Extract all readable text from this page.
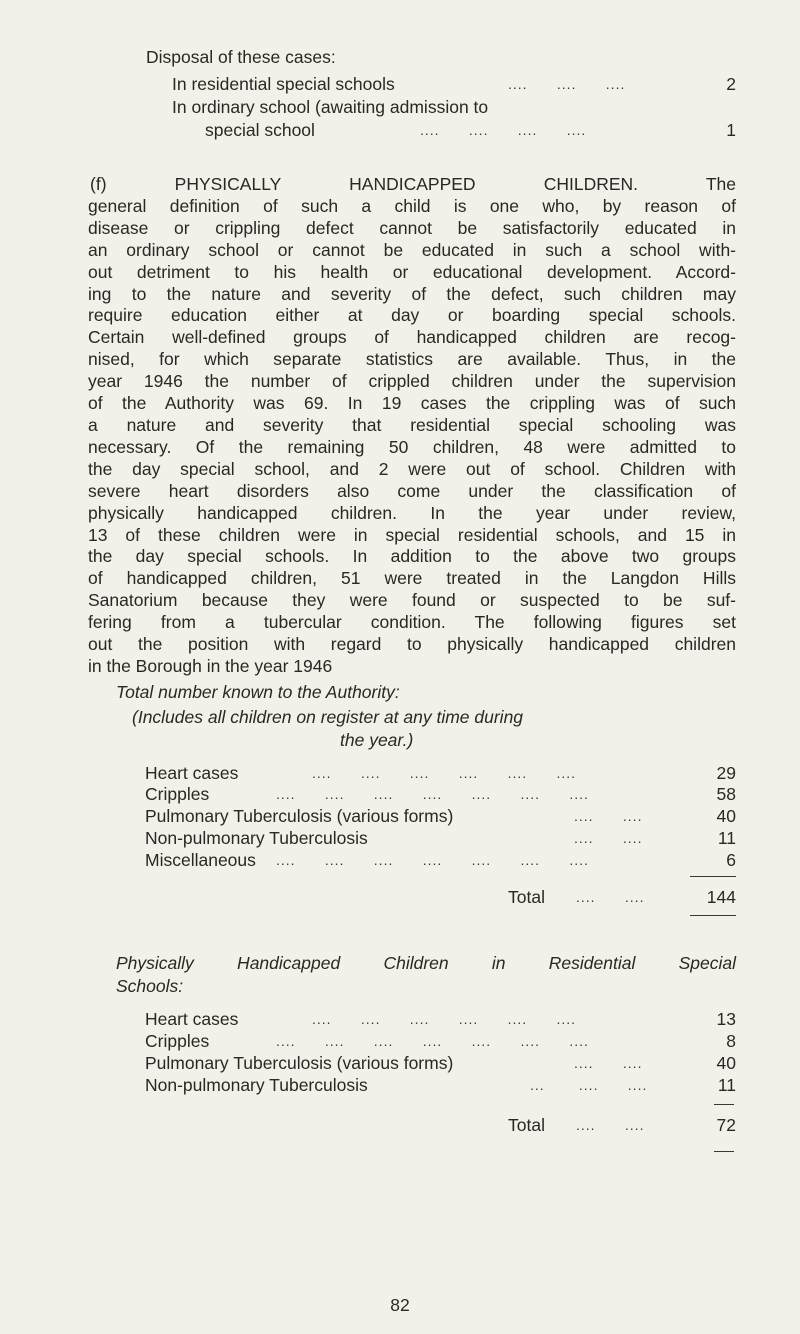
Disposal of these cases:
In residential special schools	....      ....      ....	2
In ordinary school (awaiting admission to
special school	....      ....      ....      ....	1
(f) PHYSICALLY HANDICAPPED CHILDREN. The
general definition of such a child is one who, by reason of
disease or crippling defect cannot be satisfactorily educated in
an ordinary school or cannot be educated in such a school with-
out detriment to his health or educational development. Accord-
ing to the nature and severity of the defect, such children may
require education either at day or boarding special schools.
Certain well-defined groups of handicapped children are recog-
nised, for which separate statistics are available. Thus, in the
year 1946 the number of crippled children under the supervision
of the Authority was 69. In 19 cases the crippling was of such
a nature and severity that residential special schooling was
necessary. Of the remaining 50 children, 48 were admitted to
the day special school, and 2 were out of school. Children with
severe heart disorders also come under the classification of
physically handicapped children. In the year under review,
13 of these children were in special residential schools, and 15 in
the day special schools. In addition to the above two groups
of handicapped children, 51 were treated in the Langdon Hills
Sanatorium because they were found or suspected to be suf-
fering from a tubercular condition. The following figures set
out the position with regard to physically handicapped children
in the Borough in the year 1946
Total number known to the Authority:
(Includes all children on register at any time during
the year.)
Heart cases	....      ....      ....      ....      ....      ....	29
Cripples	....      ....      ....      ....      ....      ....      ....	58
Pulmonary Tuberculosis (various forms)	....      ....	40
Non-pulmonary Tuberculosis	....      ....	11
Miscellaneous ....      ....      ....      ....      ....      ....      ....	6
Total ....      ....	144
Physically Handicapped Children in Residential Special
Schools:
Heart cases	....      ....      ....      ....      ....      ....	13
Cripples	....      ....      ....      ....      ....      ....      ....	8
Pulmonary Tuberculosis (various forms)	....      ....	40
Non-pulmonary Tuberculosis	...       ....      ....	11
Total ....      ....	72
82
